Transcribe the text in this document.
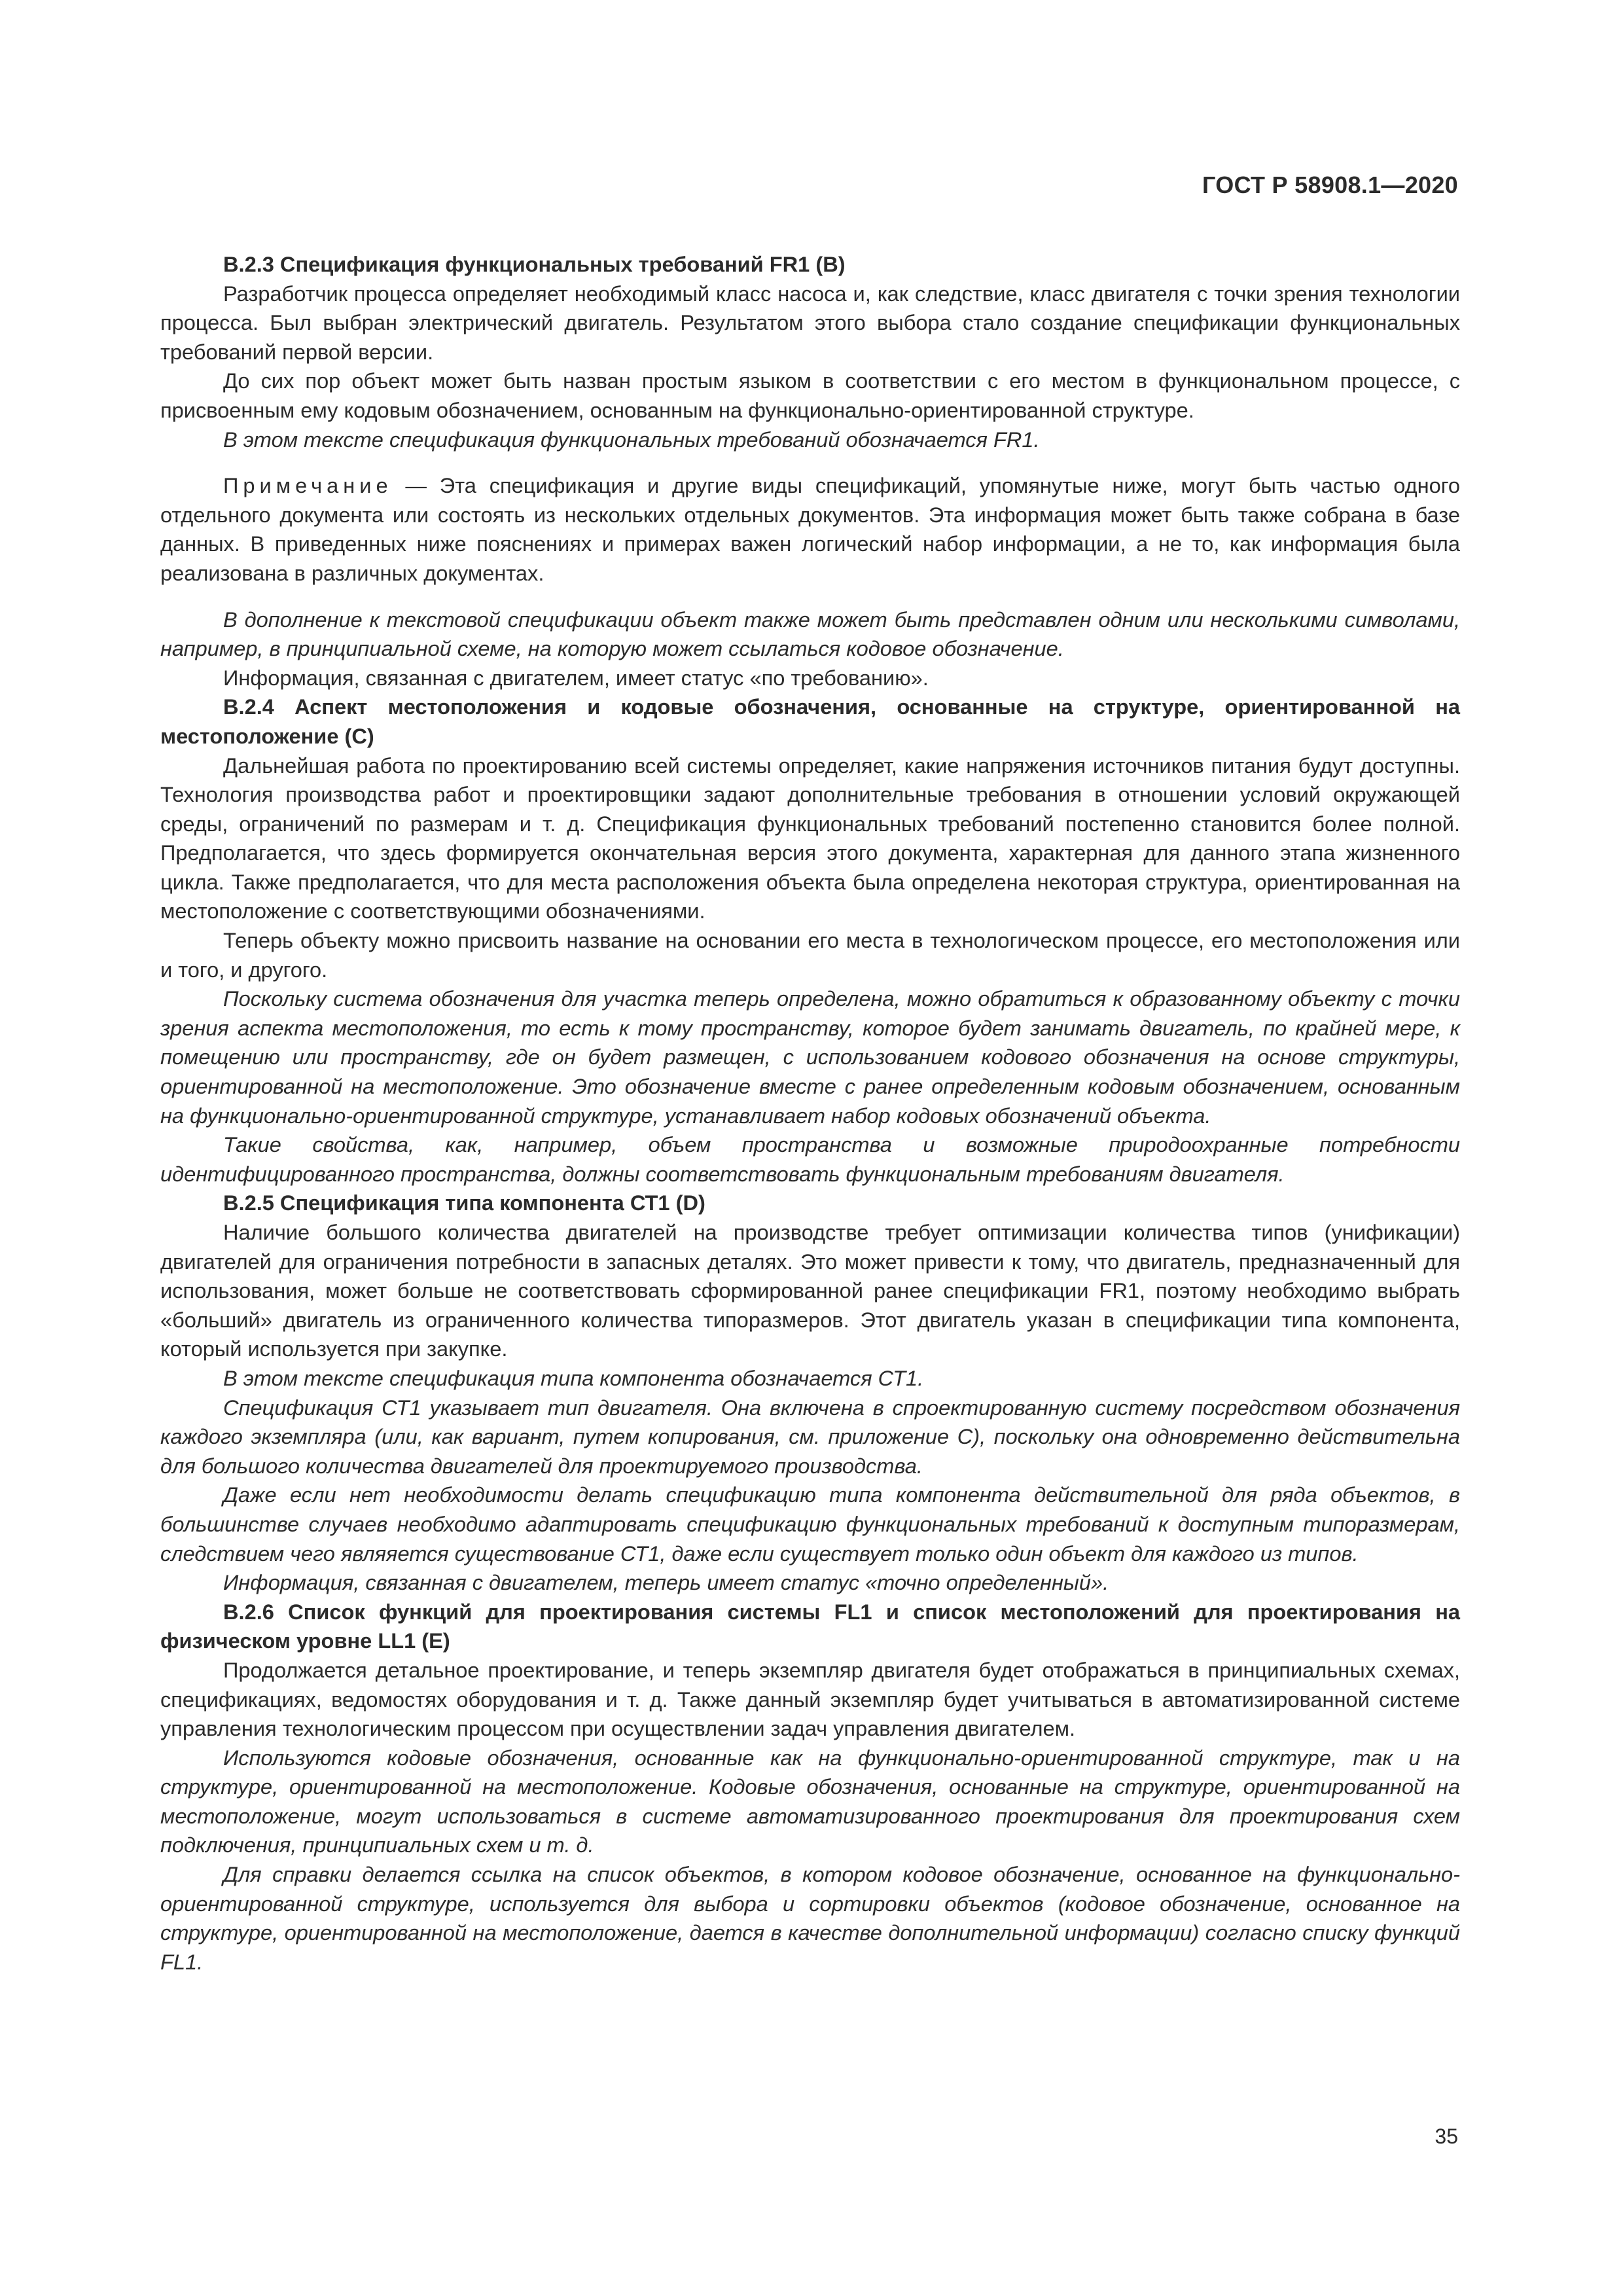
ГОСТ Р 58908.1—2020

В.2.3 Спецификация функциональных требований FR1 (B)

Разработчик процесса определяет необходимый класс насоса и, как следствие, класс двигателя с точки зрения технологии процесса. Был выбран электрический двигатель. Результатом этого выбора стало создание спецификации функциональных требований первой версии.

До сих пор объект может быть назван простым языком в соответствии с его местом в функциональном процессе, с присвоенным ему кодовым обозначением, основанным на функционально-ориентированной структуре.

В этом тексте спецификация функциональных требований обозначается FR1.

Примечание — Эта спецификация и другие виды спецификаций, упомянутые ниже, могут быть частью одного отдельного документа или состоять из нескольких отдельных документов. Эта информация может быть также собрана в базе данных. В приведенных ниже пояснениях и примерах важен логический набор информации, а не то, как информация была реализована в различных документах.

В дополнение к текстовой спецификации объект также может быть представлен одним или несколькими символами, например, в принципиальной схеме, на которую может ссылаться кодовое обозначение.

Информация, связанная с двигателем, имеет статус «по требованию».

В.2.4 Аспект местоположения и кодовые обозначения, основанные на структуре, ориентированной на местоположение (C)

Дальнейшая работа по проектированию всей системы определяет, какие напряжения источников питания будут доступны. Технология производства работ и проектировщики задают дополнительные требования в отношении условий окружающей среды, ограничений по размерам и т. д. Спецификация функциональных требований постепенно становится более полной. Предполагается, что здесь формируется окончательная версия этого документа, характерная для данного этапа жизненного цикла. Также предполагается, что для места расположения объекта была определена некоторая структура, ориентированная на местоположение с соответствующими обозначениями.

Теперь объекту можно присвоить название на основании его места в технологическом процессе, его местоположения или и того, и другого.

Поскольку система обозначения для участка теперь определена, можно обратиться к образованному объекту с точки зрения аспекта местоположения, то есть к тому пространству, которое будет занимать двигатель, по крайней мере, к помещению или пространству, где он будет размещен, с использованием кодового обозначения на основе структуры, ориентированной на местоположение. Это обозначение вместе с ранее определенным кодовым обозначением, основанным на функционально-ориентированной структуре, устанавливает набор кодовых обозначений объекта.

Такие свойства, как, например, объем пространства и возможные природоохранные потребности идентифицированного пространства, должны соответствовать функциональным требованиям двигателя.

В.2.5 Спецификация типа компонента СТ1 (D)

Наличие большого количества двигателей на производстве требует оптимизации количества типов (унификации) двигателей для ограничения потребности в запасных деталях. Это может привести к тому, что двигатель, предназначенный для использования, может больше не соответствовать сформированной ранее спецификации FR1, поэтому необходимо выбрать «больший» двигатель из ограниченного количества типоразмеров. Этот двигатель указан в спецификации типа компонента, который используется при закупке.

В этом тексте спецификация типа компонента обозначается СТ1.

Спецификация СТ1 указывает тип двигателя. Она включена в спроектированную систему посредством обозначения каждого экземпляра (или, как вариант, путем копирования, см. приложение С), поскольку она одновременно действительна для большого количества двигателей для проектируемого производства.

Даже если нет необходимости делать спецификацию типа компонента действительной для ряда объектов, в большинстве случаев необходимо адаптировать спецификацию функциональных требований к доступным типоразмерам, следствием чего являяется существование СТ1, даже если существует только один объект для каждого из типов.

Информация, связанная с двигателем, теперь имеет статус «точно определенный».

В.2.6 Список функций для проектирования системы FL1 и список местоположений для проектирования на физическом уровне LL1 (E)

Продолжается детальное проектирование, и теперь экземпляр двигателя будет отображаться в принципиальных схемах, спецификациях, ведомостях оборудования и т. д. Также данный экземпляр будет учитываться в автоматизированной системе управления технологическим процессом при осуществлении задач управления двигателем.

Используются кодовые обозначения, основанные как на функционально-ориентированной структуре, так и на структуре, ориентированной на местоположение. Кодовые обозначения, основанные на структуре, ориентированной на местоположение, могут использоваться в системе автоматизированного проектирования для проектирования схем подключения, принципиальных схем и т. д.

Для справки делается ссылка на список объектов, в котором кодовое обозначение, основанное на функционально-ориентированной структуре, используется для выбора и сортировки объектов (кодовое обозначение, основанное на структуре, ориентированной на местоположение, дается в качестве дополнительной информации) согласно списку функций FL1.

35
